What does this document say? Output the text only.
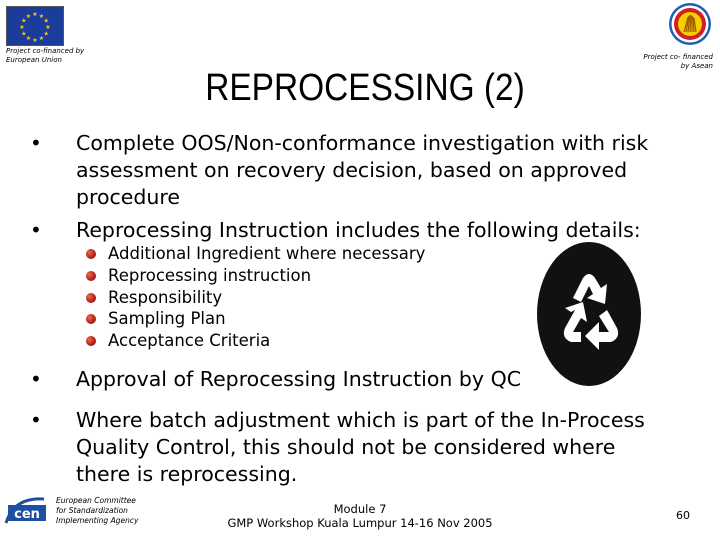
★ ★
★
★
★
★
★
★
★
★
★
★
Project co-financed by
European Union	Project co- financed
by Asean
REPROCESSING (2)
• Complete OOS/Non-conformance investigation with risk
assessment on recovery decision, based on approved
procedure
• Reprocessing Instruction includes the following details:
Additional Ingredient where necessary
Reprocessing instruction
Responsibility
Sampling Plan
Acceptance Criteria
• Approval of Reprocessing Instruction by QC
• Where batch adjustment which is part of the In-Process
Quality Control, this should not be considered where
there is reprocessing.
cen
European Committee
for Standardization
Implementing Agency
Module 7
GMP Workshop Kuala Lumpur 14-16 Nov 2005
60
